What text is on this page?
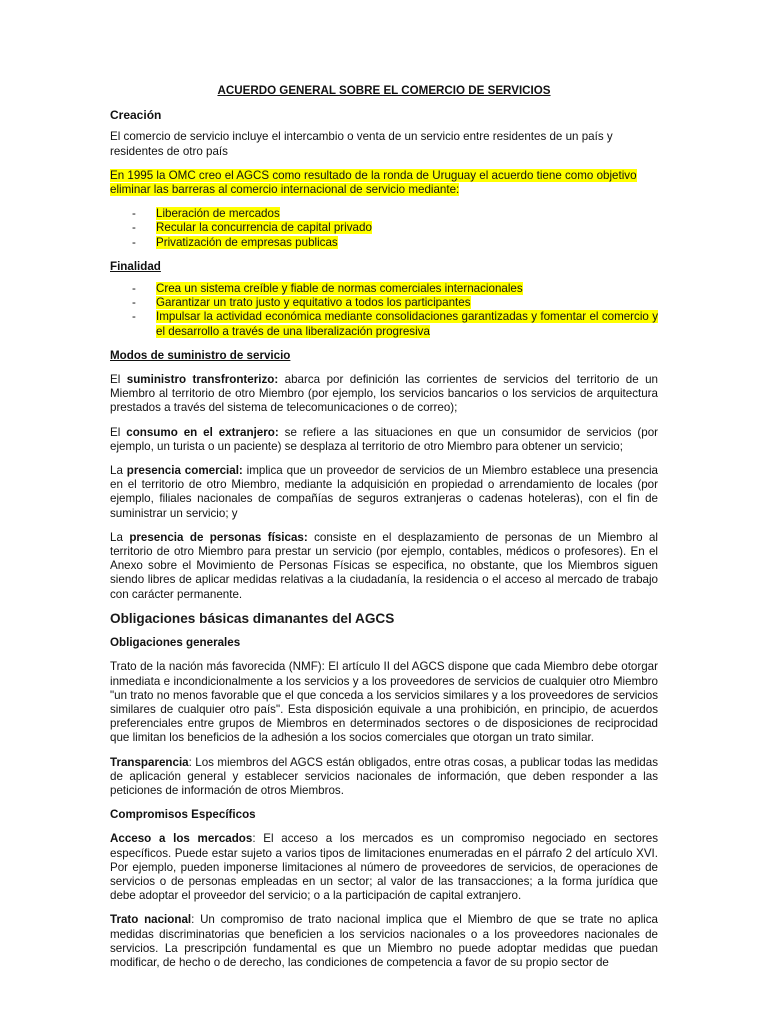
ACUERDO GENERAL SOBRE EL COMERCIO DE SERVICIOS

Creación

El comercio de servicio incluye el intercambio o venta de un servicio entre residentes de un país y residentes de otro país

En 1995 la OMC creo el AGCS como resultado de la ronda de Uruguay el acuerdo tiene como objetivo eliminar las barreras al comercio internacional de servicio mediante:

- Liberación de mercados
- Recular la concurrencia de capital privado
- Privatización de empresas publicas

Finalidad

- Crea un sistema creíble y fiable de normas comerciales internacionales
- Garantizar un trato justo y equitativo a todos los participantes
- Impulsar la actividad económica mediante consolidaciones garantizadas y fomentar el comercio y el desarrollo a través de una liberalización progresiva

Modos de suministro de servicio

El suministro transfronterizo: abarca por definición las corrientes de servicios del territorio de un Miembro al territorio de otro Miembro (por ejemplo, los servicios bancarios o los servicios de arquitectura prestados a través del sistema de telecomunicaciones o de correo);

El consumo en el extranjero: se refiere a las situaciones en que un consumidor de servicios (por ejemplo, un turista o un paciente) se desplaza al territorio de otro Miembro para obtener un servicio;

La presencia comercial: implica que un proveedor de servicios de un Miembro establece una presencia en el territorio de otro Miembro, mediante la adquisición en propiedad o arrendamiento de locales (por ejemplo, filiales nacionales de compañías de seguros extranjeras o cadenas hoteleras), con el fin de suministrar un servicio; y

La presencia de personas físicas: consiste en el desplazamiento de personas de un Miembro al territorio de otro Miembro para prestar un servicio (por ejemplo, contables, médicos o profesores). En el Anexo sobre el Movimiento de Personas Físicas se especifica, no obstante, que los Miembros siguen siendo libres de aplicar medidas relativas a la ciudadanía, la residencia o el acceso al mercado de trabajo con carácter permanente.

Obligaciones básicas dimanantes del AGCS

Obligaciones generales

Trato de la nación más favorecida (NMF): El artículo II del AGCS dispone que cada Miembro debe otorgar inmediata e incondicionalmente a los servicios y a los proveedores de servicios de cualquier otro Miembro "un trato no menos favorable que el que conceda a los servicios similares y a los proveedores de servicios similares de cualquier otro país". Esta disposición equivale a una prohibición, en principio, de acuerdos preferenciales entre grupos de Miembros en determinados sectores o de disposiciones de reciprocidad que limitan los beneficios de la adhesión a los socios comerciales que otorgan un trato similar.

Transparencia: Los miembros del AGCS están obligados, entre otras cosas, a publicar todas las medidas de aplicación general y establecer servicios nacionales de información, que deben responder a las peticiones de información de otros Miembros.

Compromisos Específicos

Acceso a los mercados: El acceso a los mercados es un compromiso negociado en sectores específicos. Puede estar sujeto a varios tipos de limitaciones enumeradas en el párrafo 2 del artículo XVI. Por ejemplo, pueden imponerse limitaciones al número de proveedores de servicios, de operaciones de servicios o de personas empleadas en un sector; al valor de las transacciones; a la forma jurídica que debe adoptar el proveedor del servicio; o a la participación de capital extranjero.

Trato nacional: Un compromiso de trato nacional implica que el Miembro de que se trate no aplica medidas discriminatorias que beneficien a los servicios nacionales o a los proveedores nacionales de servicios. La prescripción fundamental es que un Miembro no puede adoptar medidas que puedan modificar, de hecho o de derecho, las condiciones de competencia a favor de su propio sector de
